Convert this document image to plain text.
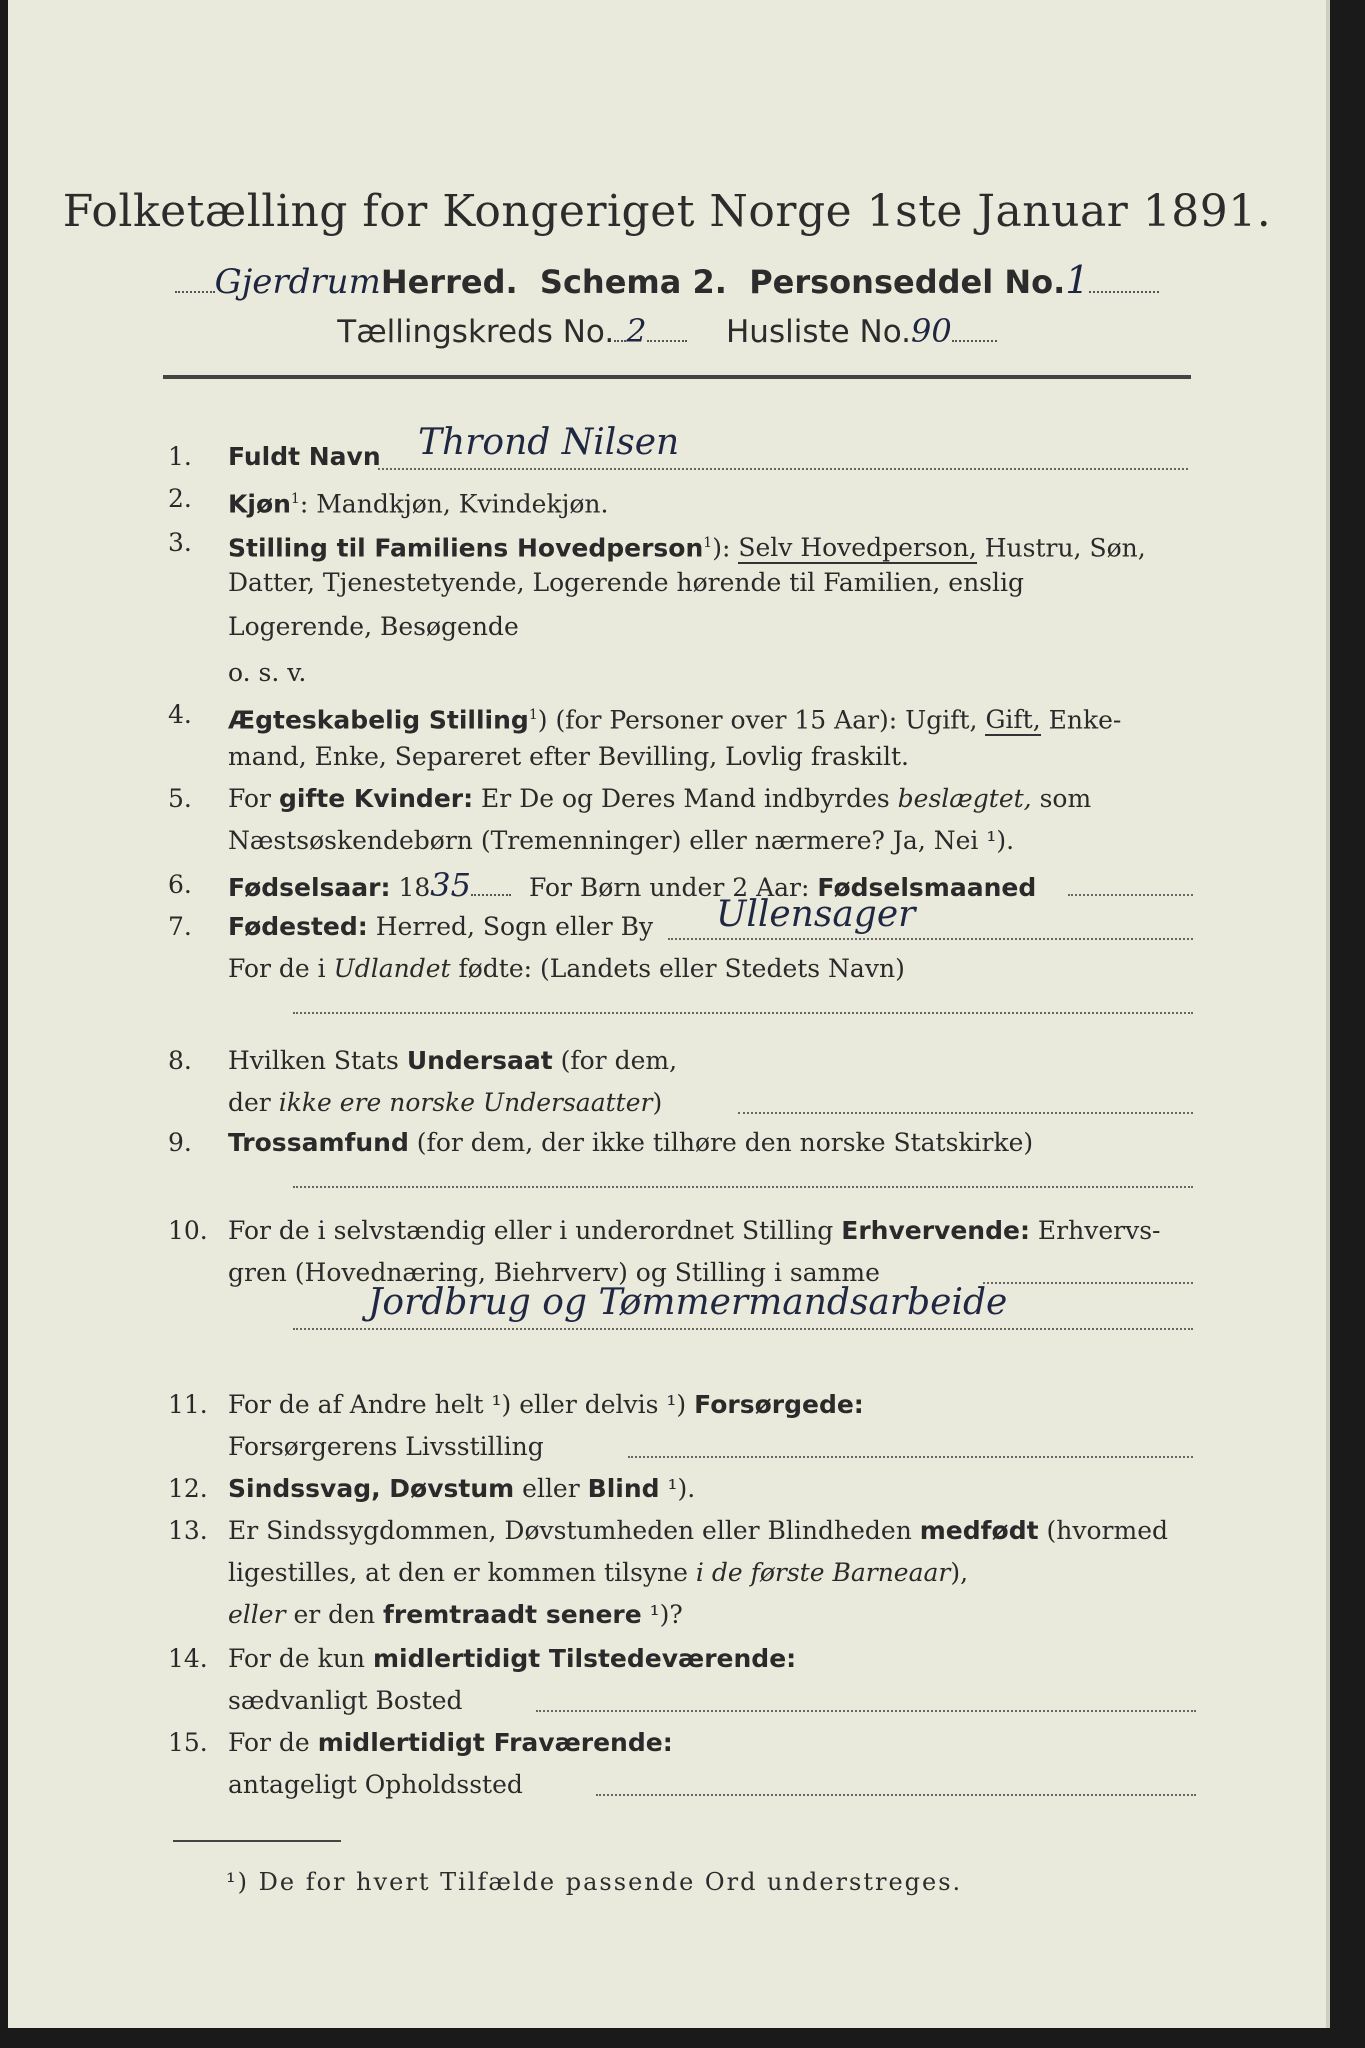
Folketælling for Kongeriget Norge 1ste Januar 1891.
GjerdrumHerred. Schema 2. Personseddel No.1
Tællingskreds No. 2	Husliste No.90
1.	Fuldt Navn	Thrond Nilsen
2.	Kjøn$^1$: Mandkjøn, Kvindekjøn.
3.	Stilling til Familiens Hovedperson$^1$): Selv Hovedperson, Hustru, Søn,
Datter, Tjenestetyende, Logerende hørende til Familien, enslig
Logerende, Besøgende
o. s. v.
4.	Ægteskabelig Stilling$^1$) (for Personer over 15 Aar): Ugift, Gift, Enke-
mand, Enke, Separeret efter Bevilling, Lovlig fraskilt.
5.	For gifte Kvinder: Er De og Deres Mand indbyrdes beslægtet, som
Næstsøskendebørn (Tremenninger) eller nærmere? Ja, Nei ¹).
6.	Fødselsaar: 1835 For Børn under 2 Aar: Fødselsmaaned
7.	Fødested: Herred, Sogn eller By	Ullensager
For de i Udlandet fødte: (Landets eller Stedets Navn)
8.	Hvilken Stats Undersaat (for dem,
der ikke ere norske Undersaatter)
9.	Trossamfund (for dem, der ikke tilhøre den norske Statskirke)
10. For de i selvstændig eller i underordnet Stilling Erhvervende: Erhvervs-
gren (Hovednæring, Biehrverv) og Stilling i samme
Jordbrug og Tømmermandsarbeide
11. For de af Andre helt ¹) eller delvis ¹) Forsørgede:
Forsørgerens Livsstilling
12. Sindssvag, Døvstum eller Blind ¹).
13. Er Sindssygdommen, Døvstumheden eller Blindheden medfødt (hvormed
ligestilles, at den er kommen tilsyne i de første Barneaar),
eller er den fremtraadt senere ¹)?
14. For de kun midlertidigt Tilstedeværende:
sædvanligt Bosted
15. For de midlertidigt Fraværende:
antageligt Opholdssted
¹) De for hvert Tilfælde passende Ord understreges.
